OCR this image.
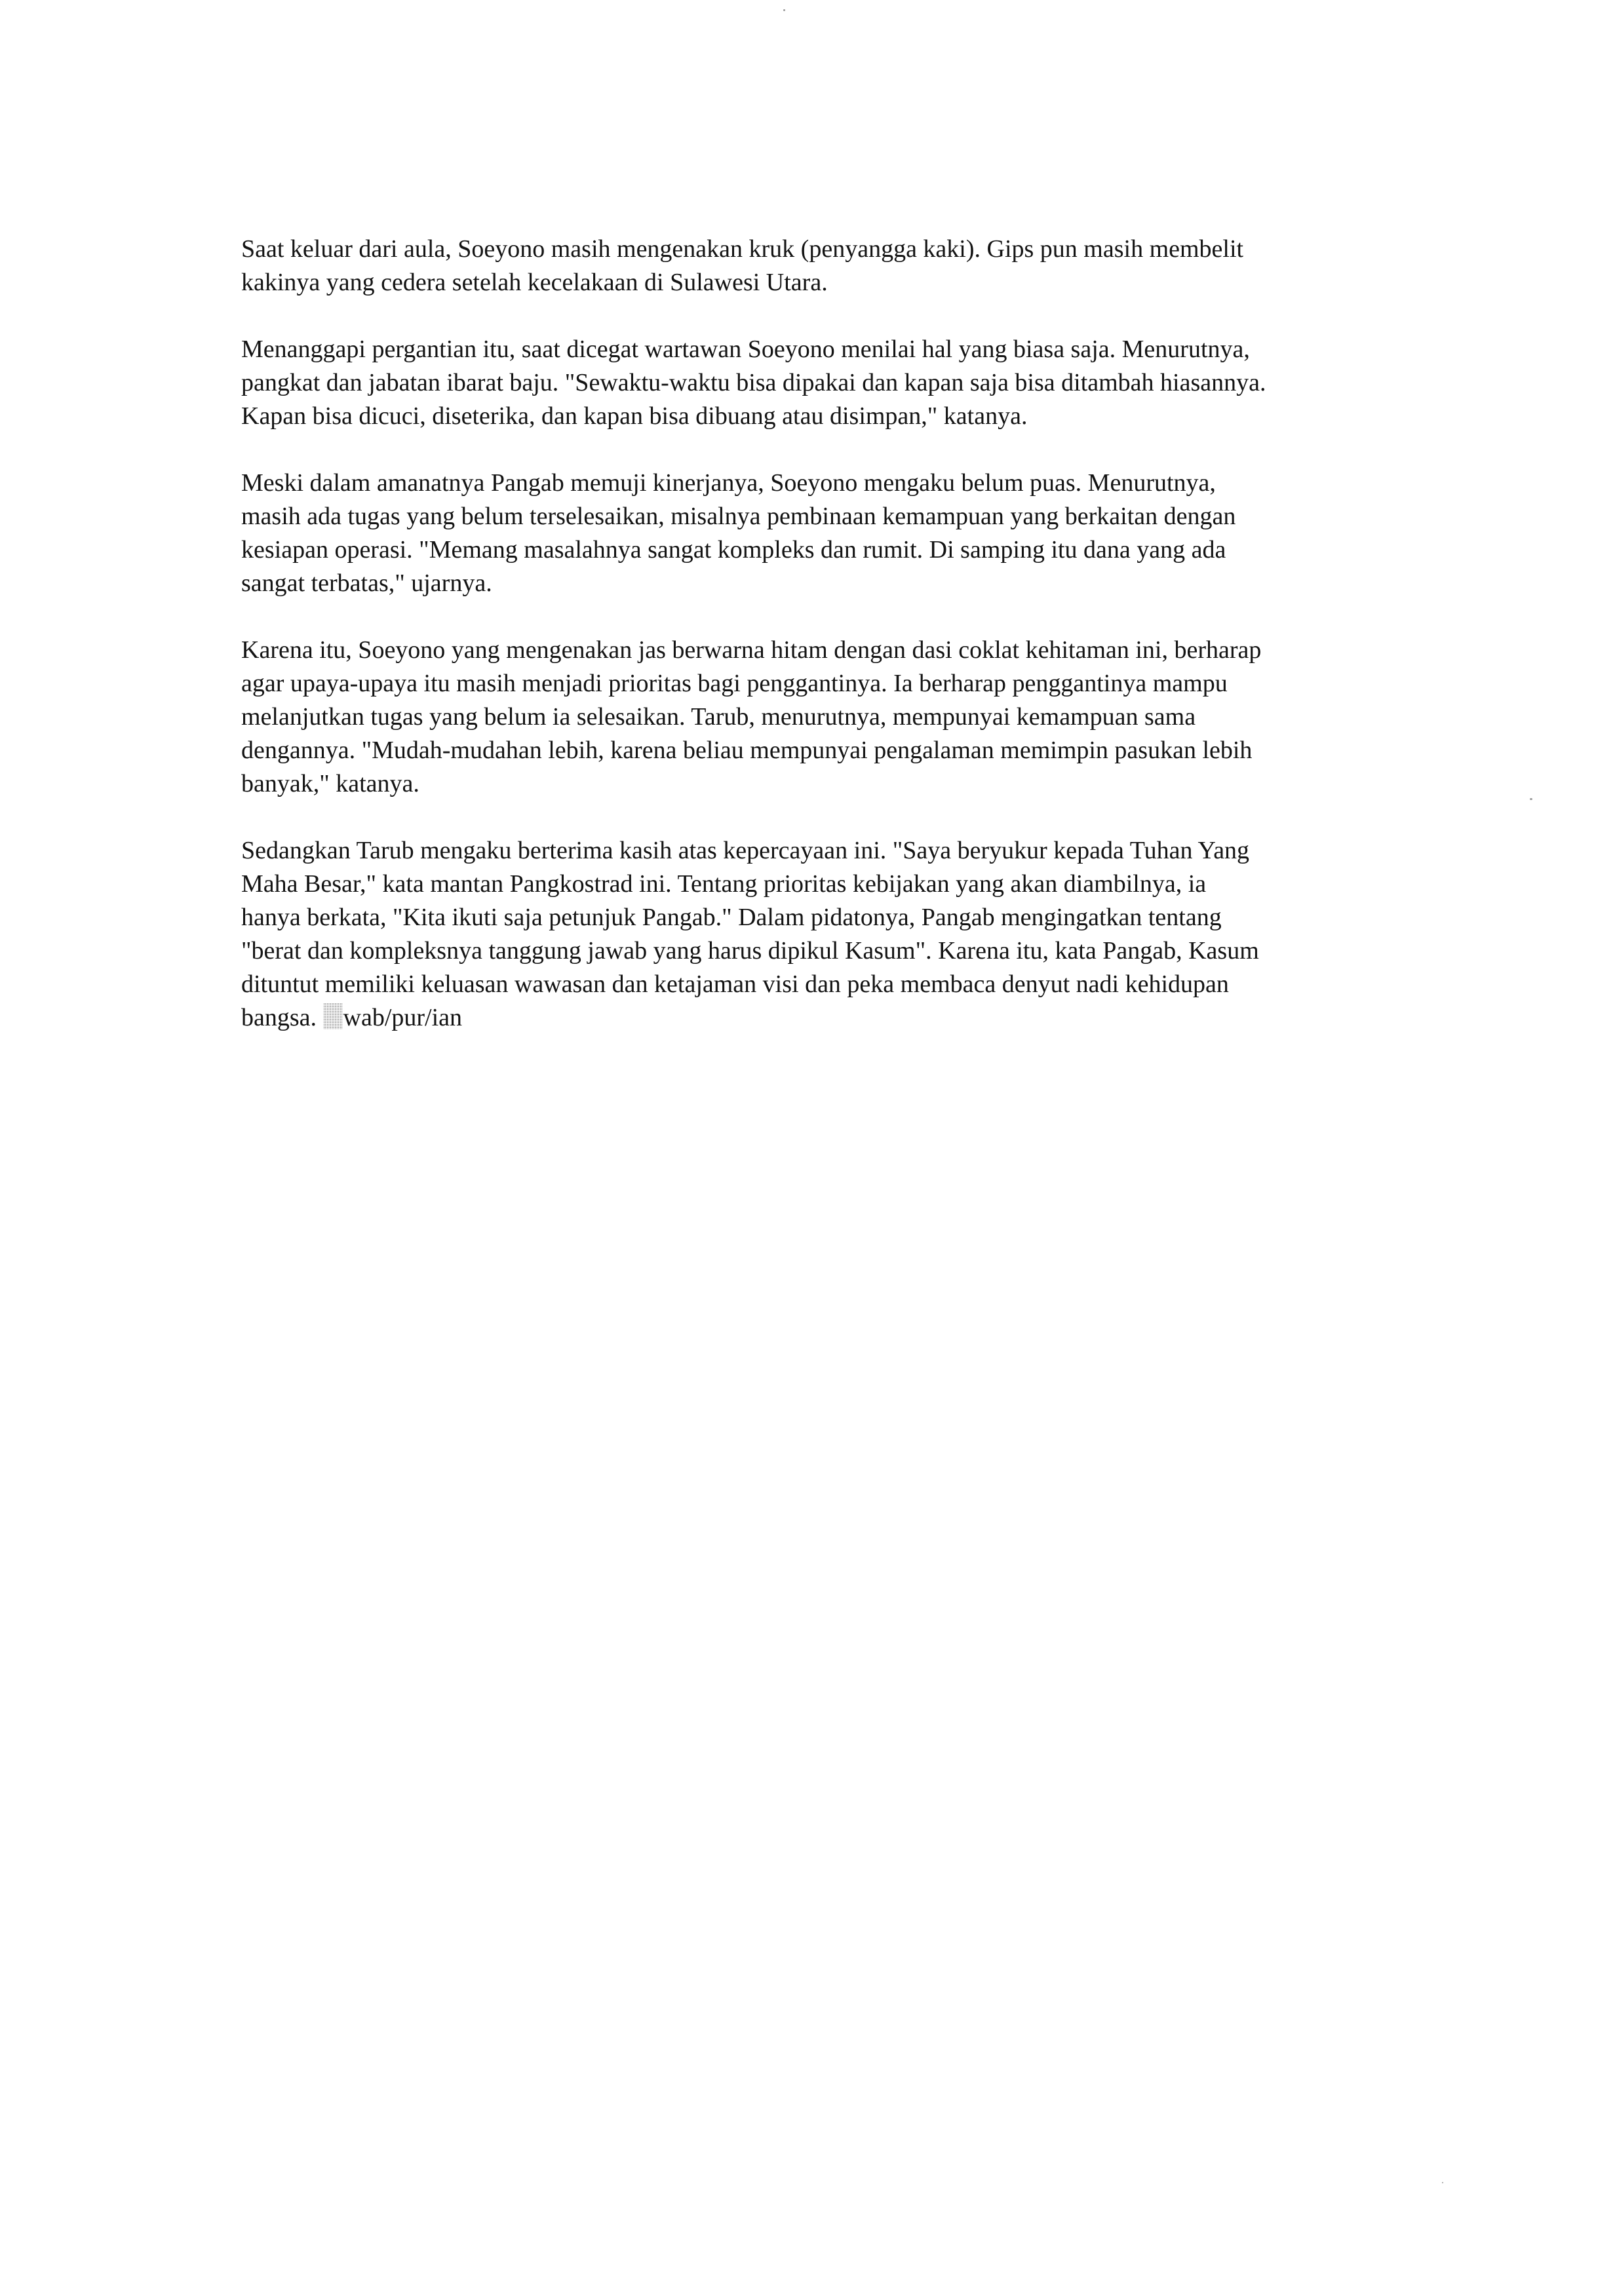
Saat keluar dari aula, Soeyono masih mengenakan kruk (penyangga kaki). Gips pun masih membelit
kakinya yang cedera setelah kecelakaan di Sulawesi Utara.

Menanggapi pergantian itu, saat dicegat wartawan Soeyono menilai hal yang biasa saja. Menurutnya,
pangkat dan jabatan ibarat baju. "Sewaktu-waktu bisa dipakai dan kapan saja bisa ditambah hiasannya.
Kapan bisa dicuci, diseterika, dan kapan bisa dibuang atau disimpan," katanya.

Meski dalam amanatnya Pangab memuji kinerjanya, Soeyono mengaku belum puas. Menurutnya,
masih ada tugas yang belum terselesaikan, misalnya pembinaan kemampuan yang berkaitan dengan
kesiapan operasi. "Memang masalahnya sangat kompleks dan rumit. Di samping itu dana yang ada
sangat terbatas," ujarnya.

Karena itu, Soeyono yang mengenakan jas berwarna hitam dengan dasi coklat kehitaman ini, berharap
agar upaya-upaya itu masih menjadi prioritas bagi penggantinya. Ia berharap penggantinya mampu
melanjutkan tugas yang belum ia selesaikan. Tarub, menurutnya, mempunyai kemampuan sama
dengannya. "Mudah-mudahan lebih, karena beliau mempunyai pengalaman memimpin pasukan lebih
banyak," katanya.

Sedangkan Tarub mengaku berterima kasih atas kepercayaan ini. "Saya beryukur kepada Tuhan Yang
Maha Besar," kata mantan Pangkostrad ini. Tentang prioritas kebijakan yang akan diambilnya, ia
hanya berkata, "Kita ikuti saja petunjuk Pangab." Dalam pidatonya, Pangab mengingatkan tentang
"berat dan kompleksnya tanggung jawab yang harus dipikul Kasum". Karena itu, kata Pangab, Kasum
dituntut memiliki keluasan wawasan dan ketajaman visi dan peka membaca denyut nadi kehidupan
bangsa. wab/pur/ian
